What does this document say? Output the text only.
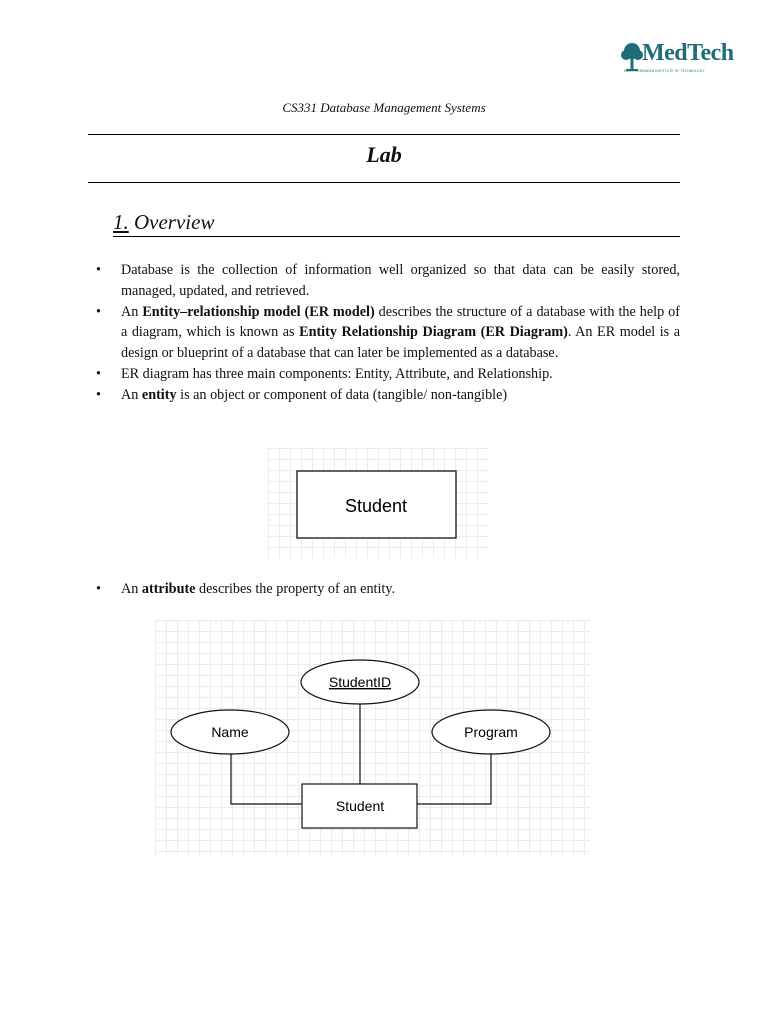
MedTech
MEDITERRANEAN INSTITUTE OF TECHNOLOGY
CS331 Database Management Systems
Lab
1. Overview
• Database is the collection of information well organized so that data can be easily stored, managed, updated, and retrieved.
• An Entity–relationship model (ER model) describes the structure of a database with the help of a diagram, which is known as Entity Relationship Diagram (ER Diagram). An ER model is a design or blueprint of a database that can later be implemented as a database.
• ER diagram has three main components: Entity, Attribute, and Relationship.
• An entity is an object or component of data (tangible/ non-tangible)
Student
• An attribute describes the property of an entity.
Student
StudentID
Name	Program
